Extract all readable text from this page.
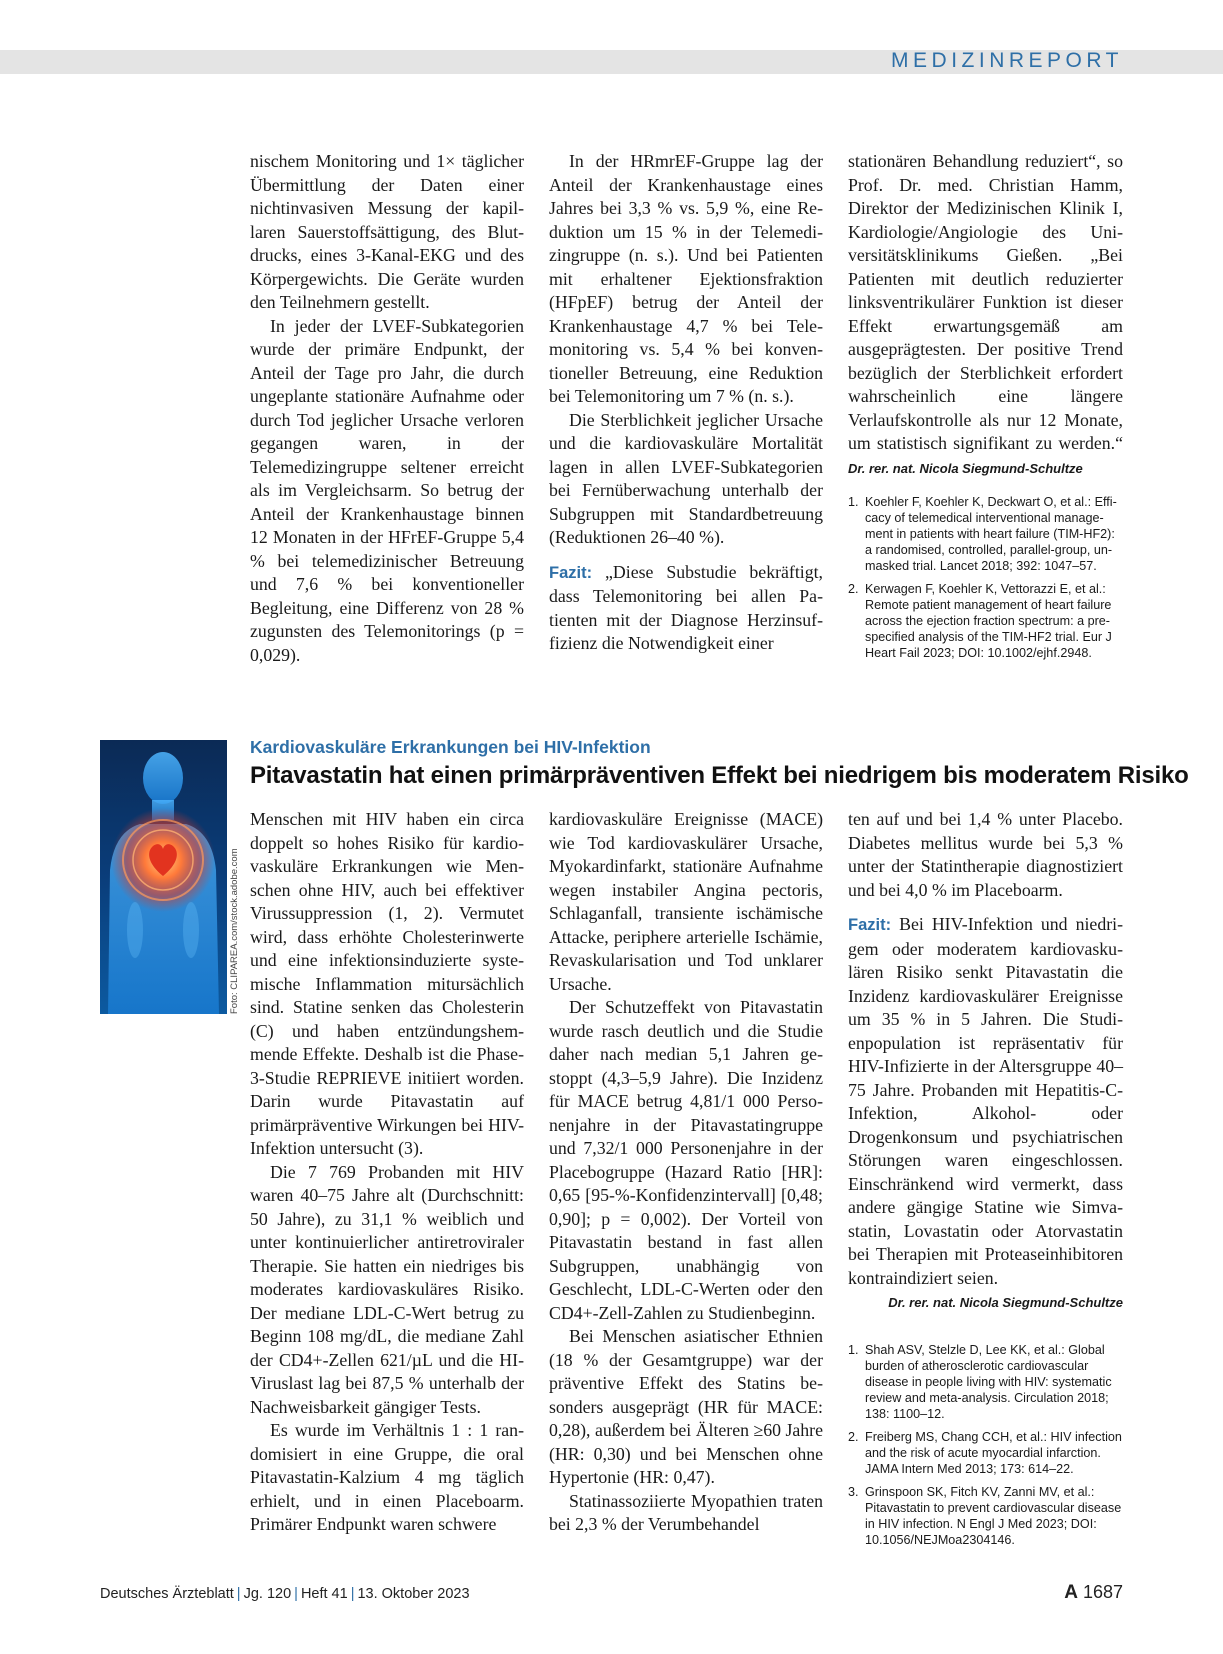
MEDIZINREPORT

nischem Monitoring und 1× täglicher Übermittlung der Daten einer nichtinvasiven Messung der kapillaren Sauerstoffsättigung, des Blutdrucks, eines 3-Kanal-EKG und des Körpergewichts. Die Geräte wurden den Teilnehmern gestellt.

In jeder der LVEF-Subkategorien wurde der primäre Endpunkt, der Anteil der Tage pro Jahr, die durch ungeplante stationäre Aufnahme oder durch Tod jeglicher Ursache verloren gegangen waren, in der Telemedizingruppe seltener erreicht als im Vergleichsarm. So betrug der Anteil der Krankenhaustage binnen 12 Monaten in der HFrEF-Gruppe 5,4 % bei telemedizinischer Betreuung und 7,6 % bei konventioneller Begleitung, eine Differenz von 28 % zugunsten des Telemonitorings (p = 0,029).

In der HRmrEF-Gruppe lag der Anteil der Krankenhaustage eines Jahres bei 3,3 % vs. 5,9 %, eine Reduktion um 15 % in der Telemedizingruppe (n. s.). Und bei Patienten mit erhaltener Ejektionsfraktion (HFpEF) betrug der Anteil der Krankenhaustage 4,7 % bei Telemonitoring vs. 5,4 % bei konventioneller Betreuung, eine Reduktion bei Telemonitoring um 7 % (n. s.).

Die Sterblichkeit jeglicher Ursache und die kardiovaskuläre Mortalität lagen in allen LVEF-Subkategorien bei Fernüberwachung unterhalb der Subgruppen mit Standardbetreuung (Reduktionen 26–40 %).

Fazit: „Diese Substudie bekräftigt, dass Telemonitoring bei allen Patienten mit der Diagnose Herzinsuffizienz die Notwendigkeit einer

stationären Behandlung reduziert“, so Prof. Dr. med. Christian Hamm, Direktor der Medizinischen Klinik I, Kardiologie/Angiologie des Universitätsklinikums Gießen. „Bei Patienten mit deutlich reduzierter linksventrikulärer Funktion ist dieser Effekt erwartungsgemäß am ausgeprägtesten. Der positive Trend bezüglich der Sterblichkeit erfordert wahrscheinlich eine längere Verlaufskontrolle als nur 12 Monate, um statistisch signifikant zu werden.“ Dr. rer. nat. Nicola Siegmund-Schultze

1. Koehler F, Koehler K, Deckwart O, et al.: Efficacy of telemedical interventional management in patients with heart failure (TIM-HF2): a randomised, controlled, parallel-group, unmasked trial. Lancet 2018; 392: 1047–57.
2. Kerwagen F, Koehler K, Vettorazzi E, et al.: Remote patient management of heart failure across the ejection fraction spectrum: a prespecified analysis of the TIM-HF2 trial. Eur J Heart Fail 2023; DOI: 10.1002/ejhf.2948.
Foto: CLIPAREA.com/stock.adobe.com
Kardiovaskuläre Erkrankungen bei HIV-Infektion
Pitavastatin hat einen primärpräventiven Effekt bei niedrigem bis moderatem Risiko

Menschen mit HIV haben ein circa doppelt so hohes Risiko für kardiovaskuläre Erkrankungen wie Menschen ohne HIV, auch bei effektiver Virussuppression (1, 2). Vermutet wird, dass erhöhte Cholesterinwerte und eine infektionsinduzierte systemische Inflammation mitursächlich sind. Statine senken das Cholesterin (C) und haben entzündungshemmende Effekte. Deshalb ist die Phase-3-Studie REPRIEVE initiiert worden. Darin wurde Pitavastatin auf primärpräventive Wirkungen bei HIV-Infektion untersucht (3).

Die 7 769 Probanden mit HIV waren 40–75 Jahre alt (Durchschnitt: 50 Jahre), zu 31,1 % weiblich und unter kontinuierlicher antiretroviraler Therapie. Sie hatten ein niedriges bis moderates kardiovaskuläres Risiko. Der mediane LDL-C-Wert betrug zu Beginn 108 mg/dL, die mediane Zahl der CD4+-Zellen 621/µL und die HI-Viruslast lag bei 87,5 % unterhalb der Nachweisbarkeit gängiger Tests.

Es wurde im Verhältnis 1 : 1 randomisiert in eine Gruppe, die oral Pitavastatin-Kalzium 4 mg täglich erhielt, und in einen Placeboarm. Primärer Endpunkt waren schwere

kardiovaskuläre Ereignisse (MACE) wie Tod kardiovaskulärer Ursache, Myokardinfarkt, stationäre Aufnahme wegen instabiler Angina pectoris, Schlaganfall, transiente ischämische Attacke, periphere arterielle Ischämie, Revaskularisation und Tod unklarer Ursache.

Der Schutzeffekt von Pitavastatin wurde rasch deutlich und die Studie daher nach median 5,1 Jahren gestoppt (4,3–5,9 Jahre). Die Inzidenz für MACE betrug 4,81/1 000 Personenjahre in der Pitavastatingruppe und 7,32/1 000 Personenjahre in der Placebogruppe (Hazard Ratio [HR]: 0,65 [95-%-Konfidenzintervall] [0,48; 0,90]; p = 0,002). Der Vorteil von Pitavastatin bestand in fast allen Subgruppen, unabhängig von Geschlecht, LDL-C-Werten oder den CD4+-Zell-Zahlen zu Studienbeginn.

Bei Menschen asiatischer Ethnien (18 % der Gesamtgruppe) war der präventive Effekt des Statins besonders ausgeprägt (HR für MACE: 0,28), außerdem bei Älteren ≥60 Jahre (HR: 0,30) und bei Menschen ohne Hypertonie (HR: 0,47).

Statinassoziierte Myopathien traten bei 2,3 % der Verumbehandel

ten auf und bei 1,4 % unter Placebo. Diabetes mellitus wurde bei 5,3 % unter der Statintherapie diagnostiziert und bei 4,0 % im Placeboarm.

Fazit: Bei HIV-Infektion und niedrigem oder moderatem kardiovaskulären Risiko senkt Pitavastatin die Inzidenz kardiovaskulärer Ereignisse um 35 % in 5 Jahren. Die Studienpopulation ist repräsentativ für HIV-Infizierte in der Altersgruppe 40–75 Jahre. Probanden mit Hepatitis-C-Infektion, Alkohol- oder Drogenkonsum und psychiatrischen Störungen waren eingeschlossen. Einschränkend wird vermerkt, dass andere gängige Statine wie Simvastatin, Lovastatin oder Atorvastatin bei Therapien mit Proteaseinhibitoren kontraindiziert seien.

Dr. rer. nat. Nicola Siegmund-Schultze

1. Shah ASV, Stelzle D, Lee KK, et al.: Global burden of atherosclerotic cardiovascular disease in people living with HIV: systematic review and meta-analysis. Circulation 2018; 138: 1100–12.
2. Freiberg MS, Chang CCH, et al.: HIV infection and the risk of acute myocardial infarction. JAMA Intern Med 2013; 173: 614–22.
3. Grinspoon SK, Fitch KV, Zanni MV, et al.: Pitavastatin to prevent cardiovascular disease in HIV infection. N Engl J Med 2023; DOI: 10.1056/NEJMoa2304146.
Deutsches Ärzteblatt | Jg. 120 | Heft 41 | 13. Oktober 2023	A 1687
